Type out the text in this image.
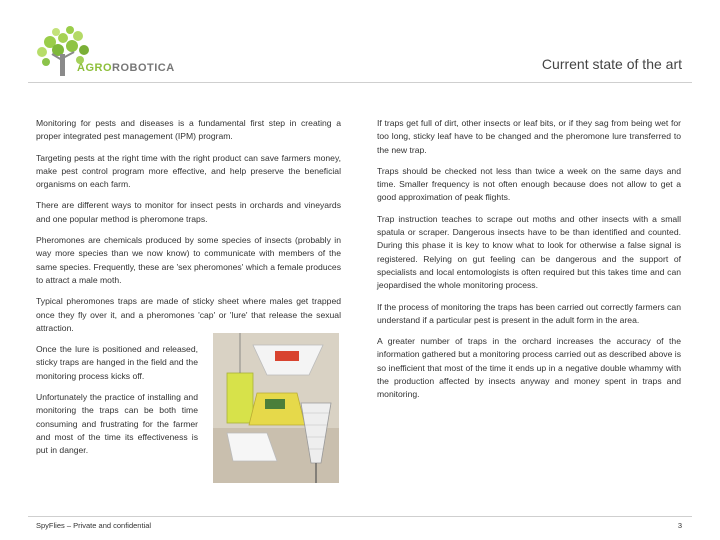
AGROROBOTICA	Current state of the art

Monitoring for pests and diseases is a fundamental first step in creating a proper integrated pest management (IPM) program.

Targeting pests at the right time with the right product can save farmers money, make pest control program more effective, and help preserve the beneficial organisms on each farm.

There are different ways to monitor for insect pests in orchards and vineyards and one popular method is pheromone traps.

Pheromones are chemicals produced by some species of insects (probably in way more species than we now know) to communicate with members of the same species. Frequently, these are 'sex pheromones' which a female produces to attract a male moth.

Typical pheromones traps are made of sticky sheet where males get trapped once they fly over it, and a pheromones 'cap' or 'lure' that release the sexual attraction.

Once the lure is positioned and released, sticky traps are hanged in the field and the monitoring process kicks off.

Unfortunately the practice of installing and monitoring the traps can be both time consuming and frustrating for the farmer and most of the time its effectiveness is put in danger.

If traps get full of dirt, other insects or leaf bits, or if they sag from being wet for too long, sticky leaf have to be changed and the pheromone lure transferred to the new trap.

Traps should be checked not less than twice a week on the same days and time. Smaller frequency is not often enough because does not allow to get a good approximation of peak flights.

Trap instruction teaches to scrape out moths and other insects with a small spatula or scraper. Dangerous insects have to be than identified and counted. During this phase it is key to know what to look for otherwise a false signal is registered. Relying on gut feeling can be dangerous and the support of specialists and local entomologists is often required but this takes time and can jeopardised the whole monitoring process.

If the process of monitoring the traps has been carried out correctly farmers can understand if a particular pest is present in the adult form in the area.

A greater number of traps in the orchard increases the accuracy of the information gathered but a monitoring process carried out as described above is so inefficient that most of the time it ends up in a negative double whammy with the production affected by insects anyway and money spent in traps and monitoring.

SpyFlies – Private and confidential	3
